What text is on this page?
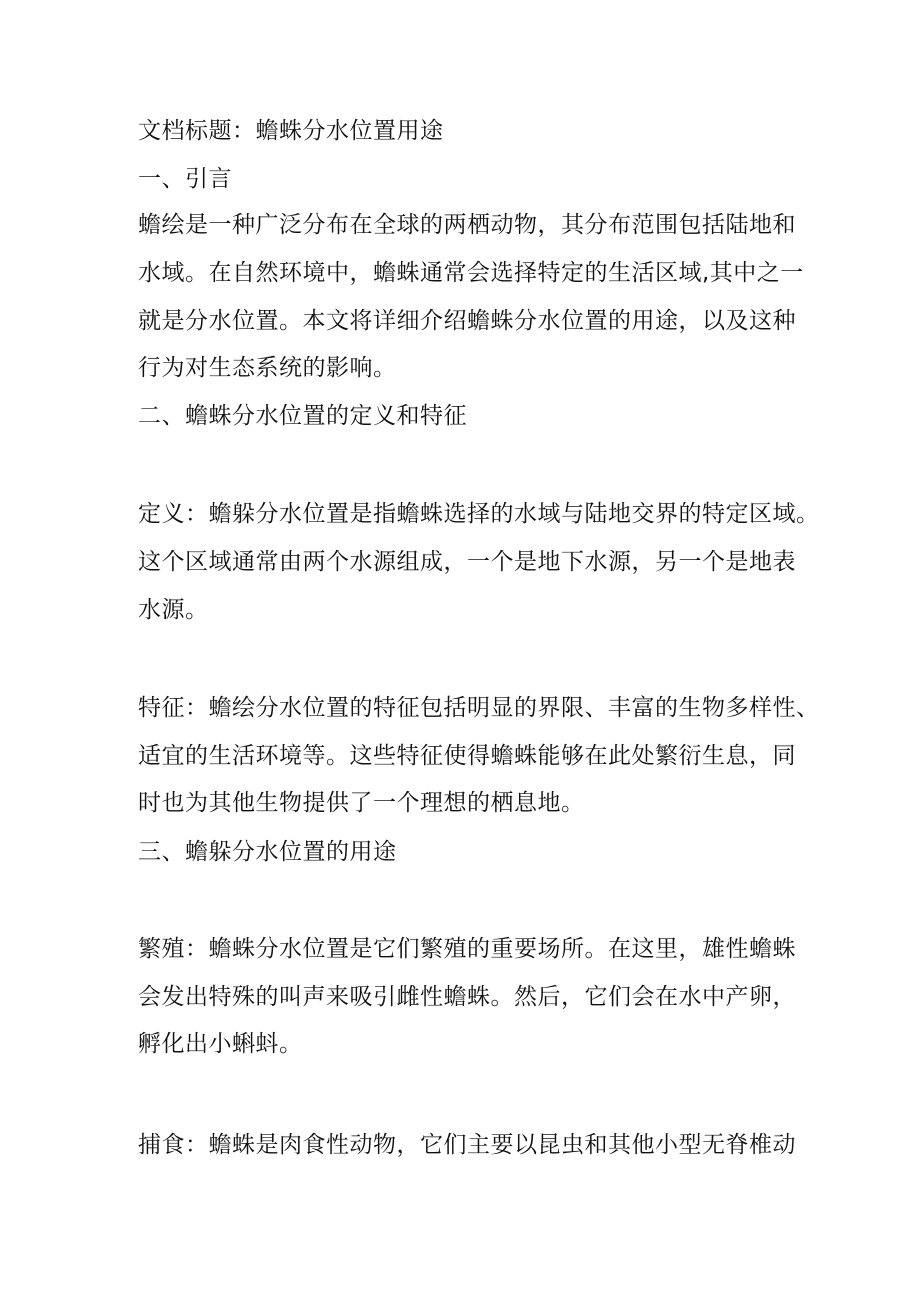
文档标题：蟾蛛分水位置用途
一、引言
蟾绘是一种广泛分布在全球的两栖动物，其分布范围包括陆地和
水域。在自然环境中，蟾蛛通常会选择特定的生活区域,其中之一
就是分水位置。本文将详细介绍蟾蛛分水位置的用途，以及这种
行为对生态系统的影响。
二、蟾蛛分水位置的定义和特征
定义：蟾躲分水位置是指蟾蛛选择的水域与陆地交界的特定区域。
这个区域通常由两个水源组成，一个是地下水源，另一个是地表
水源。
特征：蟾绘分水位置的特征包括明显的界限、丰富的生物多样性、
适宜的生活环境等。这些特征使得蟾蛛能够在此处繁衍生息，同
时也为其他生物提供了一个理想的栖息地。
三、蟾躲分水位置的用途
繁殖：蟾蛛分水位置是它们繁殖的重要场所。在这里，雄性蟾蛛
会发出特殊的叫声来吸引雌性蟾蛛。然后，它们会在水中产卵，
孵化出小蝌蚪。
捕食：蟾蛛是肉食性动物，它们主要以昆虫和其他小型无脊椎动
